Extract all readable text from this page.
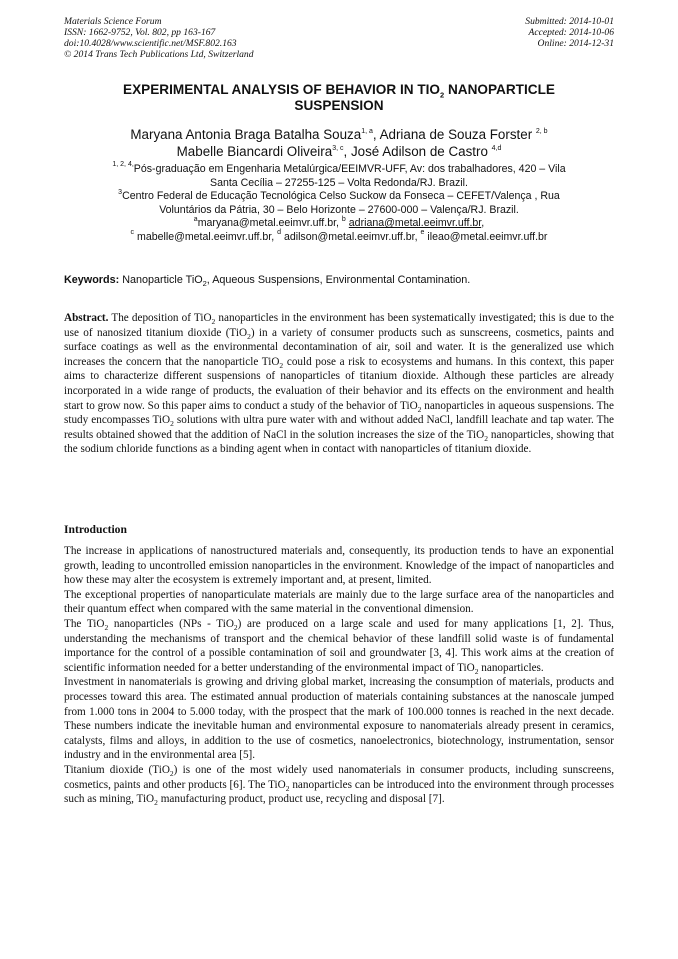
Materials Science Forum
ISSN: 1662-9752, Vol. 802, pp 163-167
doi:10.4028/www.scientific.net/MSF.802.163
© 2014 Trans Tech Publications Ltd, Switzerland
Submitted: 2014-10-01
Accepted: 2014-10-06
Online: 2014-12-31
EXPERIMENTAL ANALYSIS OF BEHAVIOR IN $TIO_2$ NANOPARTICLE
SUSPENSION
Maryana Antonia Braga Batalha Souza$^{1, a}$, Adriana de Souza Forster $^{2, b}$
Mabelle Biancardi Oliveira$^{3, c}$, José Adilson de Castro $^{4,d}$
$^{1, 2, 4,}$Pós-graduação em Engenharia Metalúrgica/EEIMVR-UFF, Av: dos trabalhadores, 420 – Vila
Santa Cecília – 27255-125 – Volta Redonda/RJ. Brazil.
$^3$Centro Federal de Educação Tecnológica Celso Suckow da Fonseca – CEFET/Valença , Rua
Voluntários da Pátria, 30 – Belo Horizonte – 27600-000 – Valença/RJ. Brazil.
$^a$maryana@metal.eeimvr.uff.br, $^b$ adriana@metal.eeimvr.uff.br,
$^c$ mabelle@metal.eeimvr.uff.br, $^d$ adilson@metal.eeimvr.uff.br, $^e$ ileao@metal.eeimvr.uff.br
Keywords: Nanoparticle TiO$_2$, Aqueous Suspensions, Environmental Contamination.

Abstract. The deposition of TiO$_2$ nanoparticles in the environment has been systematically investigated; this is due to the use of nanosized titanium dioxide (TiO$_2$) in a variety of consumer products such as sunscreens, cosmetics, paints and surface coatings as well as the environmental decontamination of air, soil and water. It is the generalized use which increases the concern that the nanoparticle TiO$_2$ could pose a risk to ecosystems and humans. In this context, this paper aims to characterize different suspensions of nanoparticles of titanium dioxide. Although these particles are already incorporated in a wide range of products, the evaluation of their behavior and its effects on the environment and health start to grow now. So this paper aims to conduct a study of the behavior of TiO$_2$ nanoparticles in aqueous suspensions. The study encompasses TiO$_2$ solutions with ultra pure water with and without added NaCl, landfill leachate and tap water. The results obtained showed that the addition of NaCl in the solution increases the size of the TiO$_2$ nanoparticles, showing that the sodium chloride functions as a binding agent when in contact with nanoparticles of titanium dioxide.

Introduction

The increase in applications of nanostructured materials and, consequently, its production tends to have an exponential growth, leading to uncontrolled emission nanoparticles in the environment. Knowledge of the impact of nanoparticles and how these may alter the ecosystem is extremely important and, at present, limited.

The exceptional properties of nanoparticulate materials are mainly due to the large surface area of the nanoparticles and their quantum effect when compared with the same material in the conventional dimension.

The TiO$_2$ nanoparticles (NPs - TiO$_2$) are produced on a large scale and used for many applications [1, 2]. Thus, understanding the mechanisms of transport and the chemical behavior of these landfill solid waste is of fundamental importance for the control of a possible contamination of soil and groundwater [3, 4]. This work aims at the creation of scientific information needed for a better understanding of the environmental impact of TiO$_2$ nanoparticles.

Investment in nanomaterials is growing and driving global market, increasing the consumption of materials, products and processes toward this area. The estimated annual production of materials containing substances at the nanoscale jumped from 1.000 tons in 2004 to 5.000 today, with the prospect that the mark of 100.000 tonnes is reached in the next decade. These numbers indicate the inevitable human and environmental exposure to nanomaterials already present in ceramics, catalysts, films and alloys, in addition to the use of cosmetics, nanoelectronics, biotechnology, instrumentation, sensor industry and in the environmental area [5].

Titanium dioxide (TiO$_2$) is one of the most widely used nanomaterials in consumer products, including sunscreens, cosmetics, paints and other products [6]. The TiO$_2$ nanoparticles can be introduced into the environment through processes such as mining, TiO$_2$ manufacturing product, product use, recycling and disposal [7].
